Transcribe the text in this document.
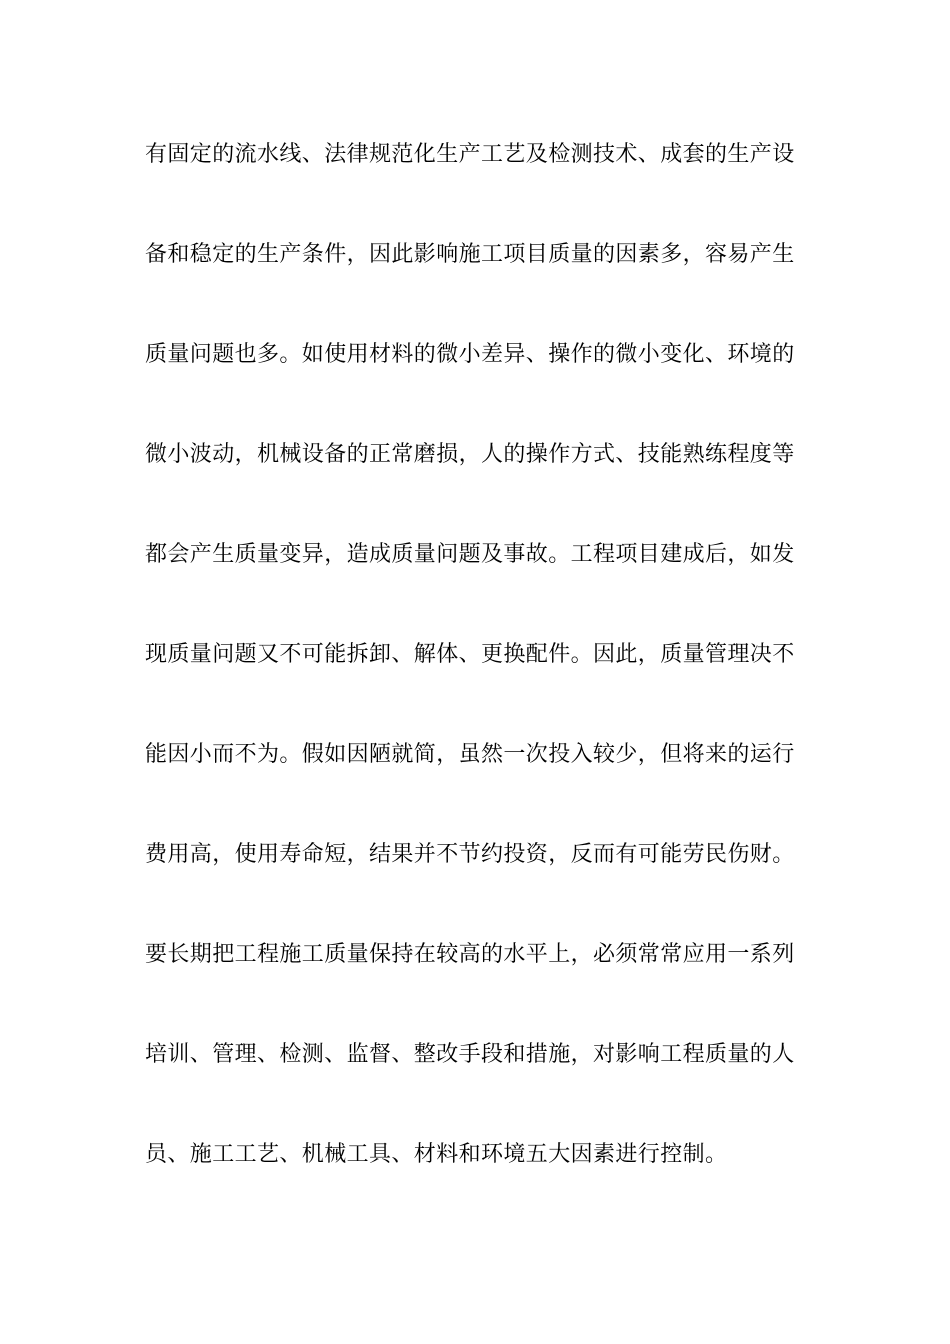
有固定的流水线、法律规范化生产工艺及检测技术、成套的生产设
备和稳定的生产条件，因此影响施工项目质量的因素多，容易产生
质量问题也多。如使用材料的微小差异、操作的微小变化、环境的
微小波动，机械设备的正常磨损，人的操作方式、技能熟练程度等
都会产生质量变异，造成质量问题及事故。工程项目建成后，如发
现质量问题又不可能拆卸、解体、更换配件。因此，质量管理决不
能因小而不为。假如因陋就简，虽然一次投入较少，但将来的运行
费用高，使用寿命短，结果并不节约投资，反而有可能劳民伤财。
要长期把工程施工质量保持在较高的水平上，必须常常应用一系列
培训、管理、检测、监督、整改手段和措施，对影响工程质量的人
员、施工工艺、机械工具、材料和环境五大因素进行控制。
